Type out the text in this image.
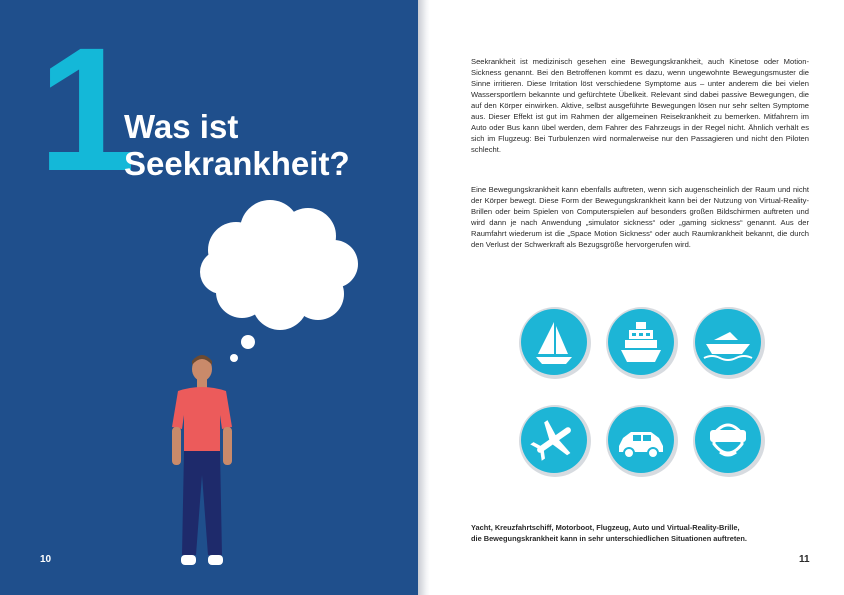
1
Was ist
Seekrankheit?
10

Seekrankheit ist medizinisch gesehen eine Bewegungskrankheit, auch Kinetose oder Motion-Sickness genannt. Bei den Betroffenen kommt es dazu, wenn ungewohnte Bewegungsmuster die Sinne irritieren. Diese Irritation löst verschiedene Symptome aus – unter anderem die bei vielen Wassersportlern bekannte und gefürchtete Übelkeit. Relevant sind dabei passive Bewegungen, die auf den Körper einwirken. Aktive, selbst ausgeführte Bewegungen lösen nur sehr selten Symptome aus. Dieser Effekt ist gut im Rahmen der allgemeinen Reisekrankheit zu bemerken. Mitfahrern im Auto oder Bus kann übel werden, dem Fahrer des Fahrzeugs in der Regel nicht. Ähnlich verhält es sich im Flugzeug: Bei Turbulenzen wird normalerweise nur den Passagieren und nicht den Piloten schlecht.

Eine Bewegungskrankheit kann ebenfalls auftreten, wenn sich augenscheinlich der Raum und nicht der Körper bewegt. Diese Form der Bewegungskrankheit kann bei der Nutzung von Virtual-Reality-Brillen oder beim Spielen von Computerspielen auf besonders großen Bildschirmen auftreten und wird dann je nach Anwendung „simulator sickness“ oder „gaming sickness“ genannt. Aus der Raumfahrt wiederum ist die „Space Motion Sickness“ oder auch Raumkrankheit bekannt, die durch den Verlust der Schwerkraft als Bezugsgröße hervorgerufen wird.

Yacht, Kreuzfahrtschiff, Motorboot, Flugzeug, Auto und Virtual-Reality-Brille,
die Bewegungskrankheit kann in sehr unterschiedlichen Situationen auftreten.
11
